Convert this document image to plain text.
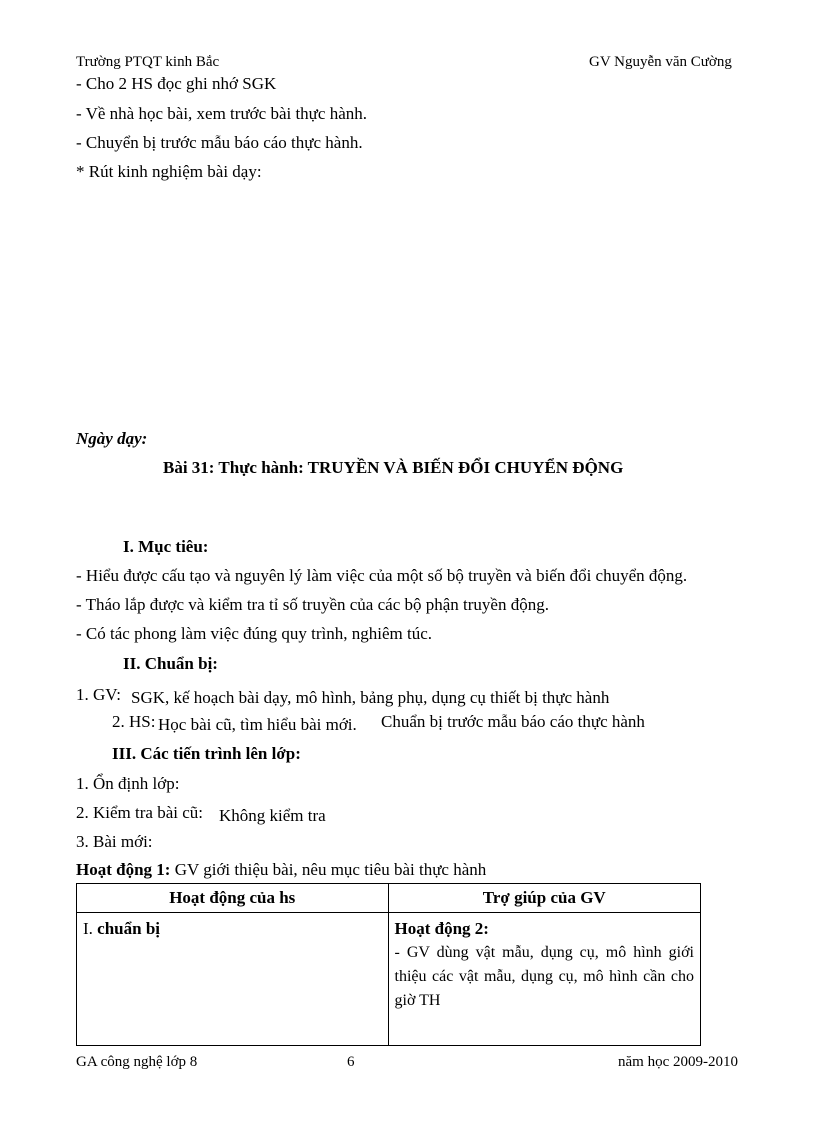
Trường PTQT kinh Bắc	GV Nguyễn văn Cường
- Cho 2 HS đọc ghi nhớ SGK
- Về nhà học bài, xem trước bài thực hành.
- Chuyển bị trước mẫu báo cáo thực hành.
* Rút kinh nghiệm bài dạy:
Ngày dạy:
Bài 31: Thực hành: TRUYỀN VÀ BIẾN ĐỔI CHUYỂN ĐỘNG
I. Mục tiêu:
- Hiểu được cấu tạo và nguyên lý làm việc của một số bộ truyền và biến đổi chuyển động.
- Tháo lắp được và kiểm tra tỉ số truyền của các bộ phận truyền động.
- Có tác phong làm việc đúng quy trình, nghiêm túc.
II. Chuẩn bị:
1. GV: SGK, kế hoạch bài dạy, mô hình, bảng phụ, dụng cụ thiết bị thực hành
2. HS: Học bài cũ, tìm hiểu bài mới. Chuẩn bị trước mẫu báo cáo thực hành
III. Các tiến trình lên lớp:
1. Ổn định lớp:
2. Kiểm tra bài cũ: Không kiểm tra
3. Bài mới:
Hoạt động 1: GV giới thiệu bài, nêu mục tiêu bài thực hành
Hoạt động của hs	Trợ giúp của GV

I. chuẩn bị	Hoạt động 2:
- GV dùng vật mẫu, dụng cụ, mô hình giới thiệu các vật mẫu, dụng cụ, mô hình cần cho giờ TH
GA công nghệ lớp 8	6	năm học 2009-2010
